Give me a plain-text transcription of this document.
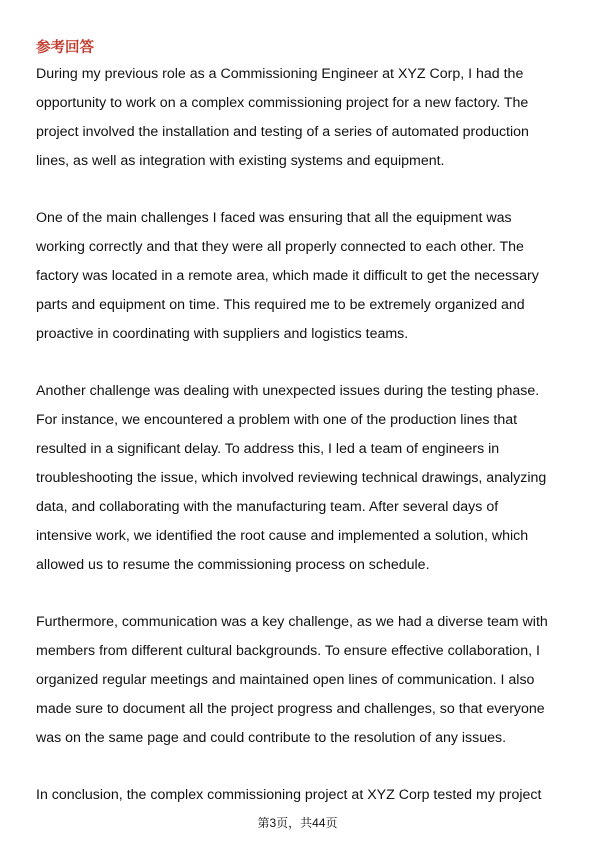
参考回答
During my previous role as a Commissioning Engineer at XYZ Corp, I had the
opportunity to work on a complex commissioning project for a new factory. The
project involved the installation and testing of a series of automated production
lines, as well as integration with existing systems and equipment.
One of the main challenges I faced was ensuring that all the equipment was
working correctly and that they were all properly connected to each other. The
factory was located in a remote area, which made it difficult to get the necessary
parts and equipment on time. This required me to be extremely organized and
proactive in coordinating with suppliers and logistics teams.
Another challenge was dealing with unexpected issues during the testing phase.
For instance, we encountered a problem with one of the production lines that
resulted in a significant delay. To address this, I led a team of engineers in
troubleshooting the issue, which involved reviewing technical drawings, analyzing
data, and collaborating with the manufacturing team. After several days of
intensive work, we identified the root cause and implemented a solution, which
allowed us to resume the commissioning process on schedule.
Furthermore, communication was a key challenge, as we had a diverse team with
members from different cultural backgrounds. To ensure effective collaboration, I
organized regular meetings and maintained open lines of communication. I also
made sure to document all the project progress and challenges, so that everyone
was on the same page and could contribute to the resolution of any issues.
In conclusion, the complex commissioning project at XYZ Corp tested my project
第3页，共44页
